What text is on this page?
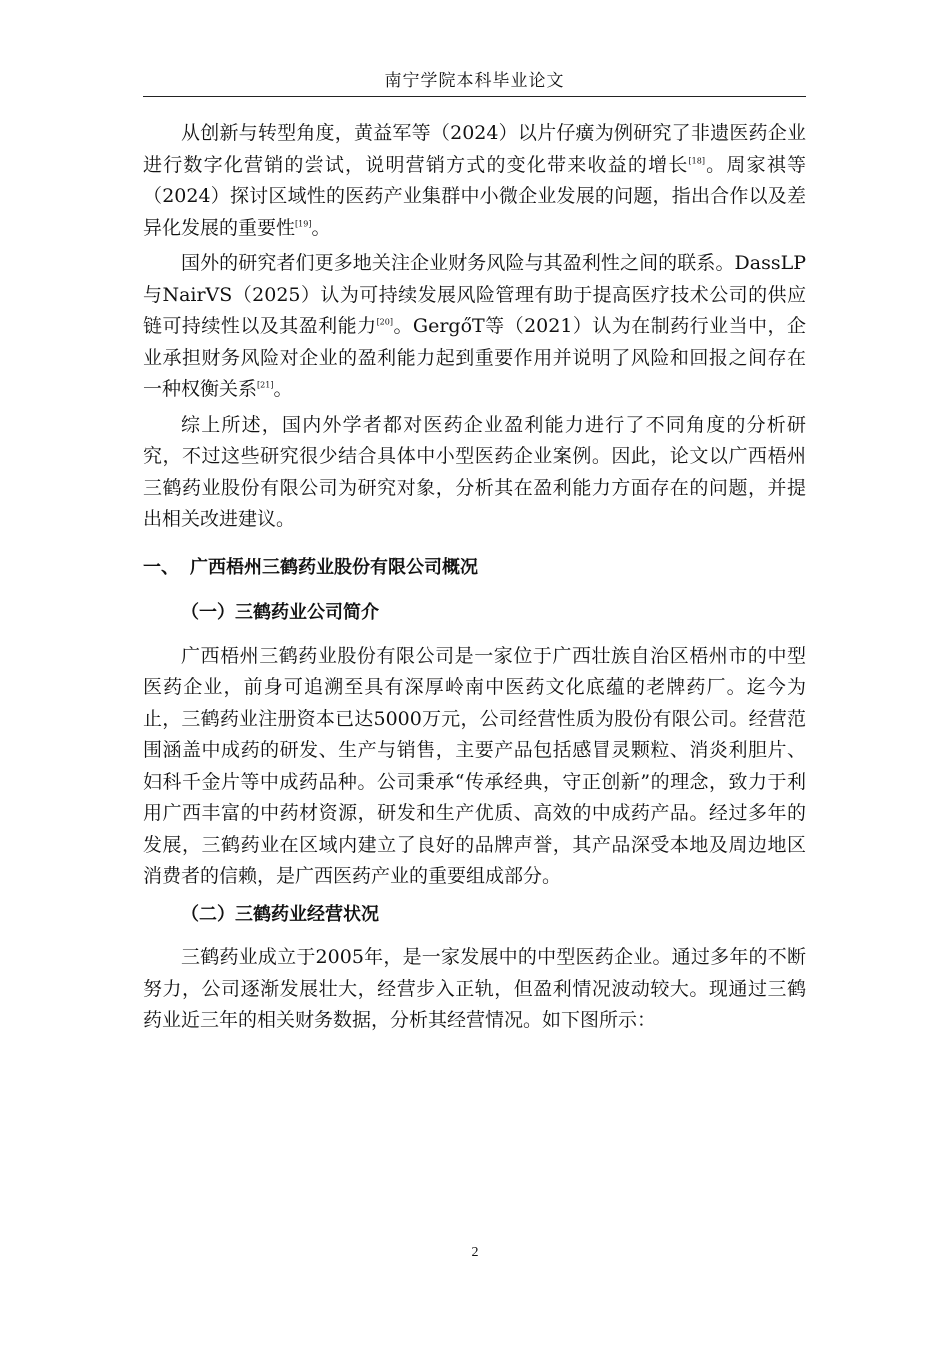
南宁学院本科毕业论文

从创新与转型角度，黄益军等（2024）以片仔癀为例研究了非遗医药企业进行数字化营销的尝试，说明营销方式的变化带来收益的增长[18]。周家祺等（2024）探讨区域性的医药产业集群中小微企业发展的问题，指出合作以及差异化发展的重要性[19]。

国外的研究者们更多地关注企业财务风险与其盈利性之间的联系。DassLP与NairVS（2025）认为可持续发展风险管理有助于提高医疗技术公司的供应链可持续性以及其盈利能力[20]。GergőT等（2021）认为在制药行业当中，企业承担财务风险对企业的盈利能力起到重要作用并说明了风险和回报之间存在一种权衡关系[21]。

综上所述，国内外学者都对医药企业盈利能力进行了不同角度的分析研究，不过这些研究很少结合具体中小型医药企业案例。因此，论文以广西梧州三鹤药业股份有限公司为研究对象，分析其在盈利能力方面存在的问题，并提出相关改进建议。

一、 广西梧州三鹤药业股份有限公司概况
（一）三鹤药业公司简介

广西梧州三鹤药业股份有限公司是一家位于广西壮族自治区梧州市的中型医药企业，前身可追溯至具有深厚岭南中医药文化底蕴的老牌药厂。迄今为止，三鹤药业注册资本已达5000万元，公司经营性质为股份有限公司。经营范围涵盖中成药的研发、生产与销售，主要产品包括感冒灵颗粒、消炎利胆片、妇科千金片等中成药品种。公司秉承“传承经典，守正创新”的理念，致力于利用广西丰富的中药材资源，研发和生产优质、高效的中成药产品。经过多年的发展，三鹤药业在区域内建立了良好的品牌声誉，其产品深受本地及周边地区消费者的信赖，是广西医药产业的重要组成部分。

（二）三鹤药业经营状况

三鹤药业成立于2005年，是一家发展中的中型医药企业。通过多年的不断努力，公司逐渐发展壮大，经营步入正轨，但盈利情况波动较大。现通过三鹤药业近三年的相关财务数据，分析其经营情况。如下图所示：

2
